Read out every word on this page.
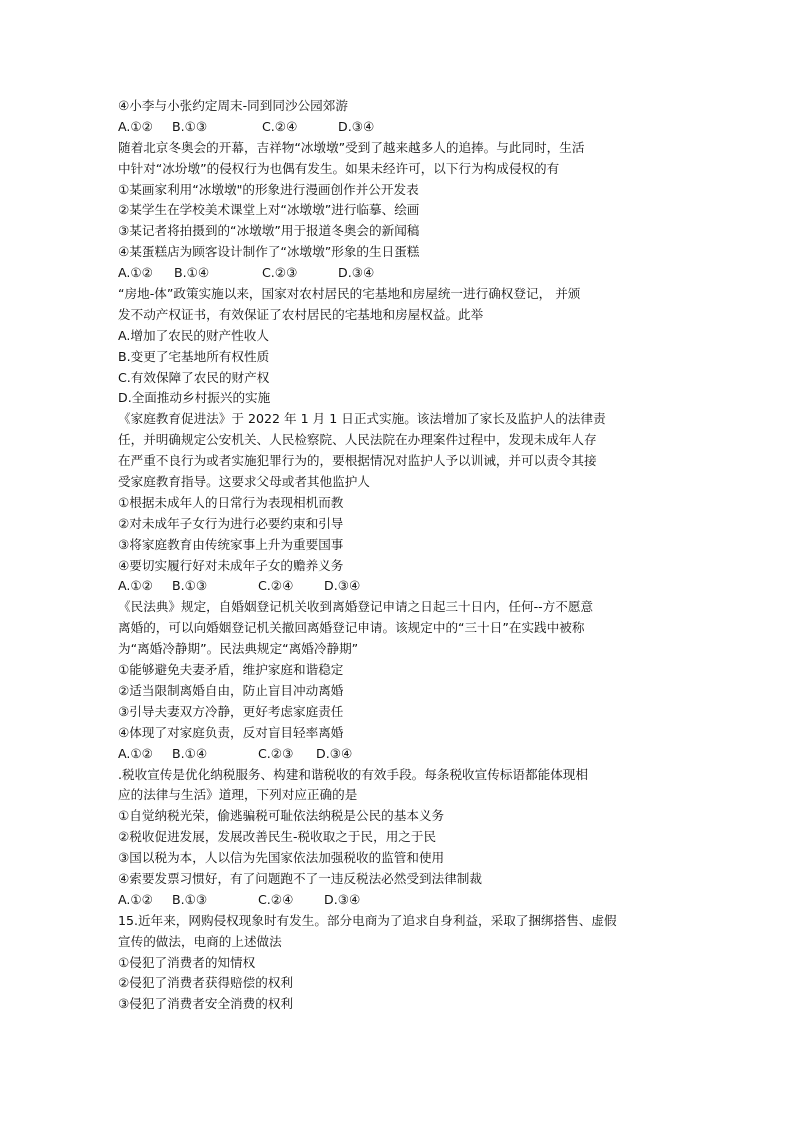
④小李与小张约定周末-同到同沙公园郊游
A.①②	B.①③	C.②④	D.③④
随着北京冬奥会的开幕，吉祥物“冰墩墩”受到了越来越多人的追捧。与此同时，生活
中针对“冰坋墩”的侵权行为也偶有发生。如果未经许可，以下行为构成侵权的有
①某画家利用“冰墩墩"的形象进行漫画创作并公开发表
②某学生在学校美术课堂上对“冰墩墩”进行临摹、绘画
③某记者将拍摄到的“冰墩墩”用于报道冬奥会的新闻稿
④某蛋糕店为顾客设计制作了“冰墩墩”形象的生日蛋糕
A.①②	B.①④	C.②③	D.③④
“房地-体”政策实施以来，国家对农村居民的宅基地和房屋统一进行确权登记， 并颁
发不动产权证书，有效保证了农村居民的宅基地和房屋权益。此举
A.增加了农民的财产性收人
B.变更了宅基地所有权性质
C.有效保障了农民的财产权
D.全面推动乡村振兴的实施
《家庭教育促进法》于 2022 年 1 月 1 日正式实施。该法增加了家长及监护人的法律责
任，并明确规定公安机关、人民检察院、人民法院在办理案件过程中，发现未成年人存
在严重不良行为或者实施犯罪行为的，要根据情况对监护人予以训诫，并可以责令其接
受家庭教育指导。这要求父母或者其他监护人
①根据未成年人的日常行为表现相机而教
②对未成年子女行为进行必要约束和引导
③将家庭教育由传统家事上升为重要国事
④要切实履行好对未成年子女的赡养义务
A.①②	B.①③	C.②④	D.③④
《民法典》规定，自婚姻登记机关收到离婚登记申请之日起三十日内，任何--方不愿意
离婚的，可以向婚姻登记机关撤回离婚登记申请。该规定中的“三十日”在实践中被称
为“离婚冷静期”。民法典规定“离婚冷静期”
①能够避免夫妻矛盾，维护家庭和谐稳定
②适当限制离婚自由，防止盲目冲动离婚
③引导夫妻双方冷静，更好考虑家庭责任
④体现了对家庭负责，反对盲目轻率离婚
A.①②	B.①④	C.②③	D.③④
.税收宣传是优化纳税服务、构建和谐税收的有效手段。每条税收宣传标语都能体现相
应的法律与生活》道理，下列对应正确的是
①自觉纳税光荣，偷逃骗税可耻依法纳税是公民的基本义务
②税收促进发展，发展改善民生-税收取之于民，用之于民
③国以税为本，人以信为先国家依法加强税收的监管和使用
④索要发票习惯好，有了问题跑不了一违反税法必然受到法律制裁
A.①②	B.①③	C.②④	D.③④
15.近年来，网购侵权现象时有发生。部分电商为了追求自身利益，采取了捆绑搭售、虚假
宣传的做法，电商的上述做法
①侵犯了消费者的知情权
②侵犯了消费者获得赔偿的权利
③侵犯了消费者安全消费的权利
